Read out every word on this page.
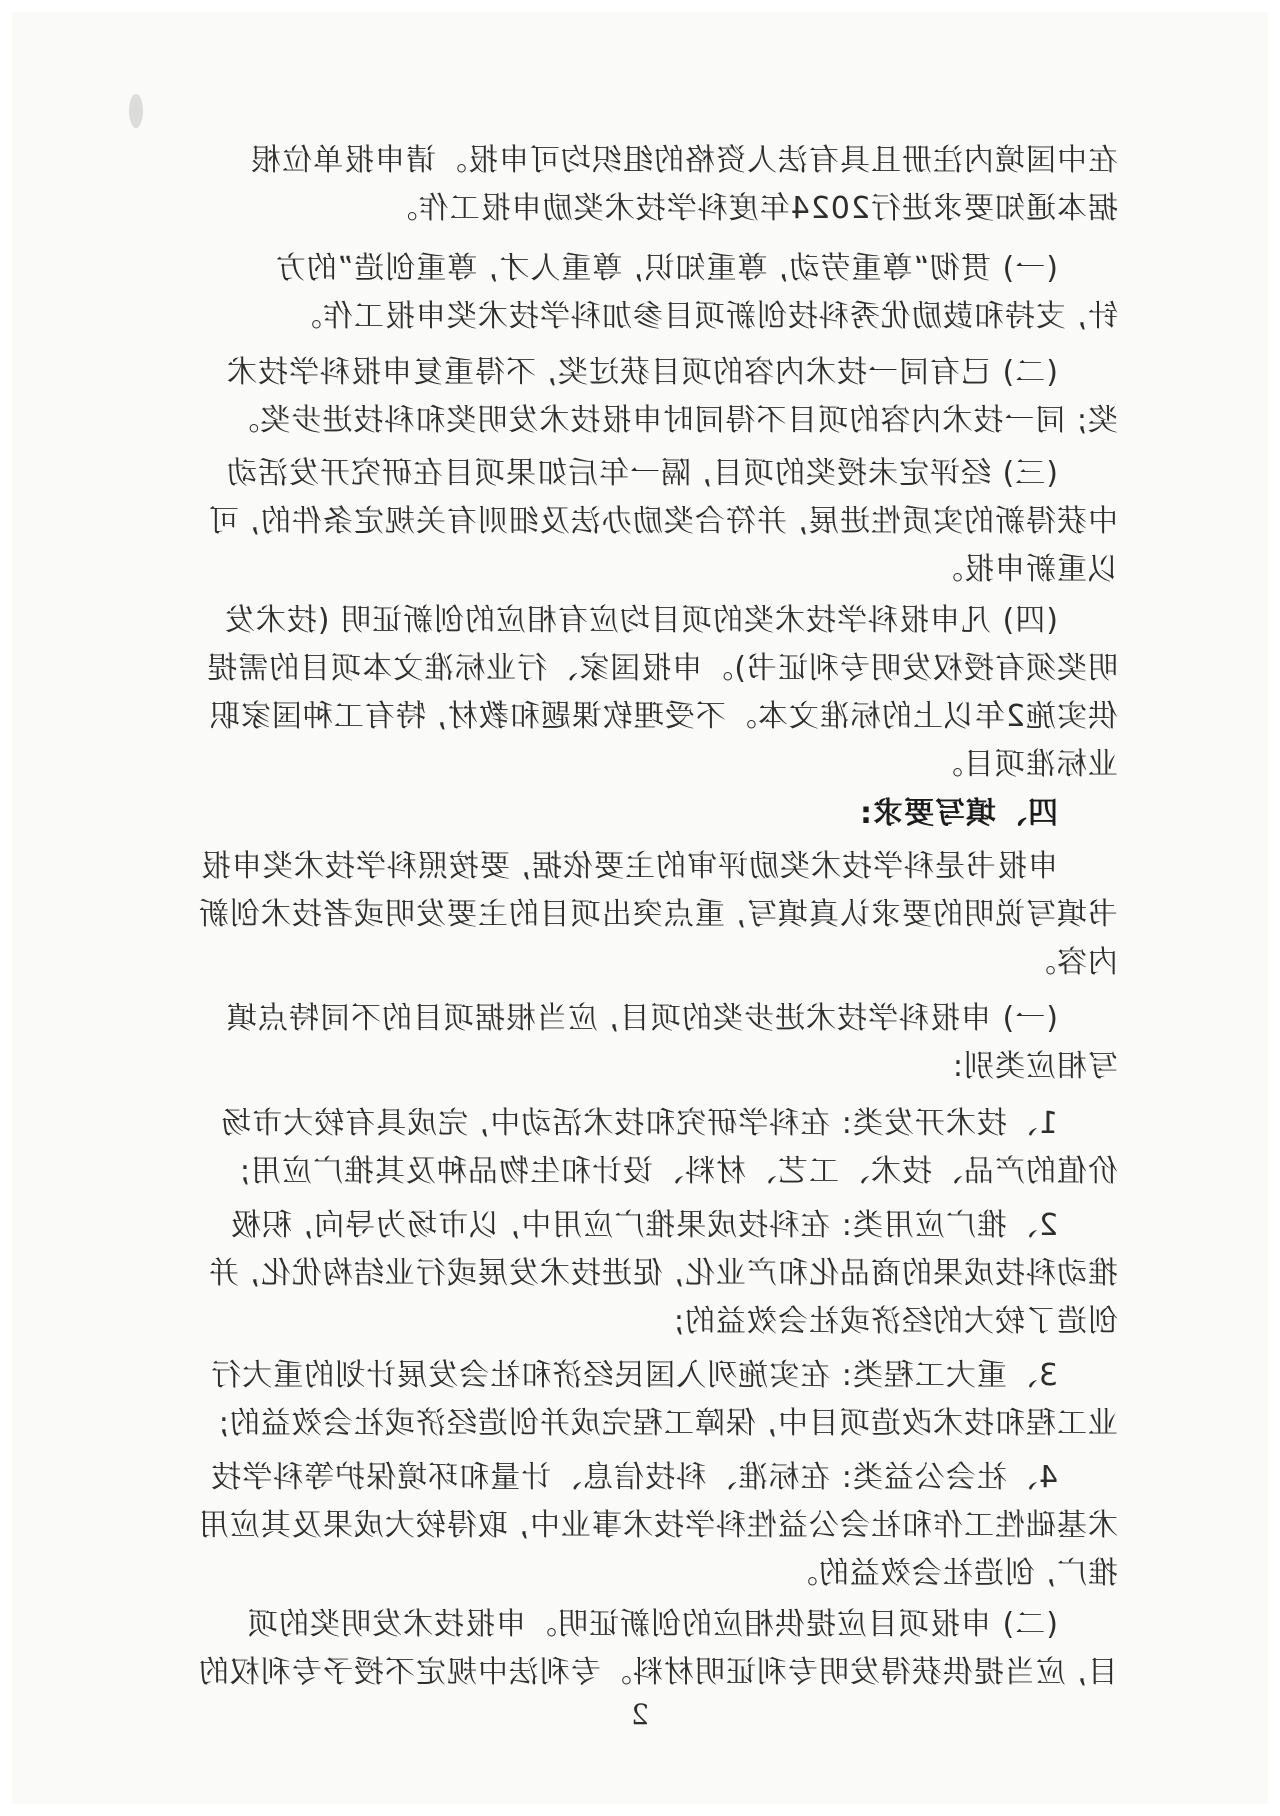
在中国境内注册且具有法人资格的组织均可申报。请申报单位根

据本通知要求进行2024年度科学技术奖励申报工作。

(一) 贯彻“尊重劳动, 尊重知识, 尊重人才, 尊重创造”的方

针, 支持和鼓励优秀科技创新项目参加科学技术奖申报工作。

(二) 已有同一技术内容的项目获过奖, 不得重复申报科学技术

奖; 同一技术内容的项目不得同时申报技术发明奖和科技进步奖。

(三) 经评定未授奖的项目, 隔一年后如果项目在研究开发活动

中获得新的实质性进展, 并符合奖励办法及细则有关规定条件的, 可

以重新申报。

(四) 凡申报科学技术奖的项目均应有相应的创新证明 (技术发

明奖须有授权发明专利证书)。申报国家、行业标准文本项目的需提

供实施2年以上的标准文本。不受理软课题和教材, 特有工种国家职

业标准项目。

四、填写要求:

申报书是科学技术奖励评审的主要依据, 要按照科学技术奖申报

书填写说明的要求认真填写, 重点突出项目的主要发明或者技术创新

内容。

(一) 申报科学技术进步奖的项目, 应当根据项目的不同特点填

写相应类别:

1、技术开发类: 在科学研究和技术活动中, 完成具有较大市场

价值的产品、技术、工艺、材料、设计和生物品种及其推广应用;

2、推广应用类: 在科技成果推广应用中, 以市场为导向, 积极

推动科技成果的商品化和产业化, 促进技术发展或行业结构优化, 并

创造了较大的经济或社会效益的;

3、重大工程类: 在实施列入国民经济和社会发展计划的重大行

业工程和技术改造项目中, 保障工程完成并创造经济或社会效益的;

4、社会公益类: 在标准、科技信息、计量和环境保护等科学技

术基础性工作和社会公益性科学技术事业中, 取得较大成果及其应用

推广, 创造社会效益的。

(二) 申报项目应提供相应的创新证明。申报技术发明奖的项

目, 应当提供获得发明专利证明材料。专利法中规定不授予专利权的

2
